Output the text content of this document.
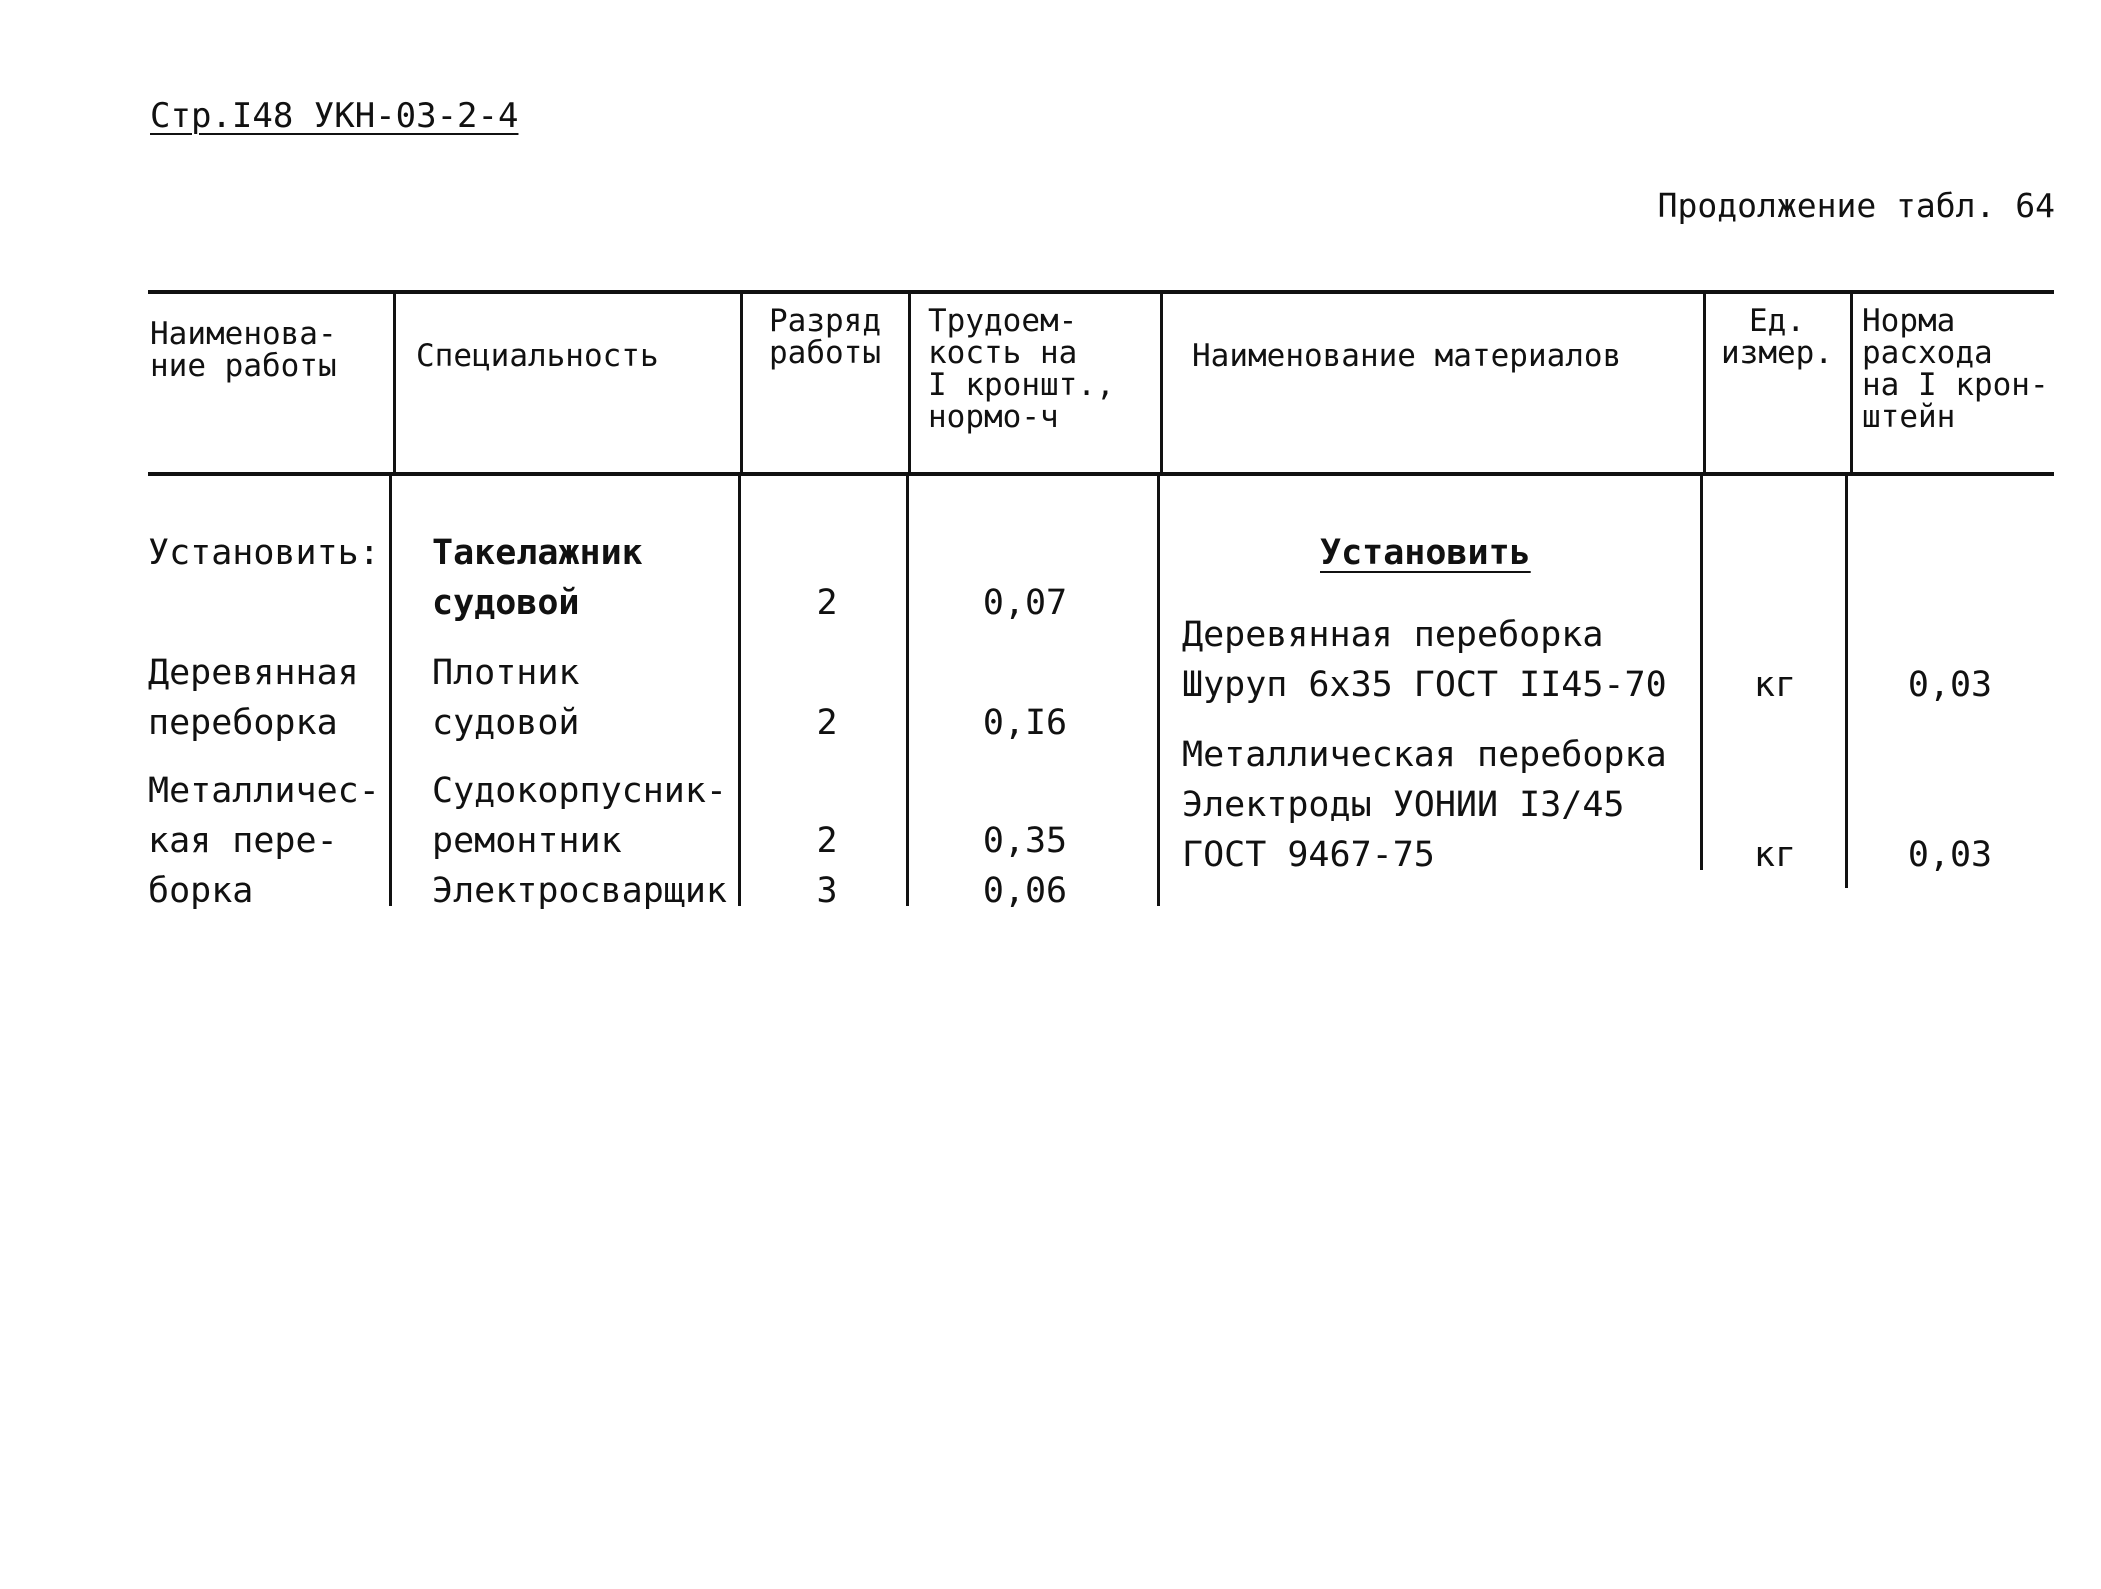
Стр.I48 УКН-03-2-4
Продолжение табл. 64
Наименова-
ние работы	Специальность
Разряд
работы
Трудоем-
кость на
I кроншт.,
нормо-ч
Наименование материалов
Ед.
измер.
Норма
расхода
на I крон-
штейн
Установить:
Деревянная
переборка
Металличес-
кая пере-
борка
Такелажник
судовой
Плотник
судовой
Судокорпусник-
ремонтник
Электросварщик
2
2
2
3
0,07
0,I6
0,35
0,06
Установить
Деревянная переборка
Шуруп 6х35 ГОСТ II45-70
Металлическая переборка
Электроды УОНИИ I3/45
ГОСТ 9467-75
кг
кг
0,03
0,03
